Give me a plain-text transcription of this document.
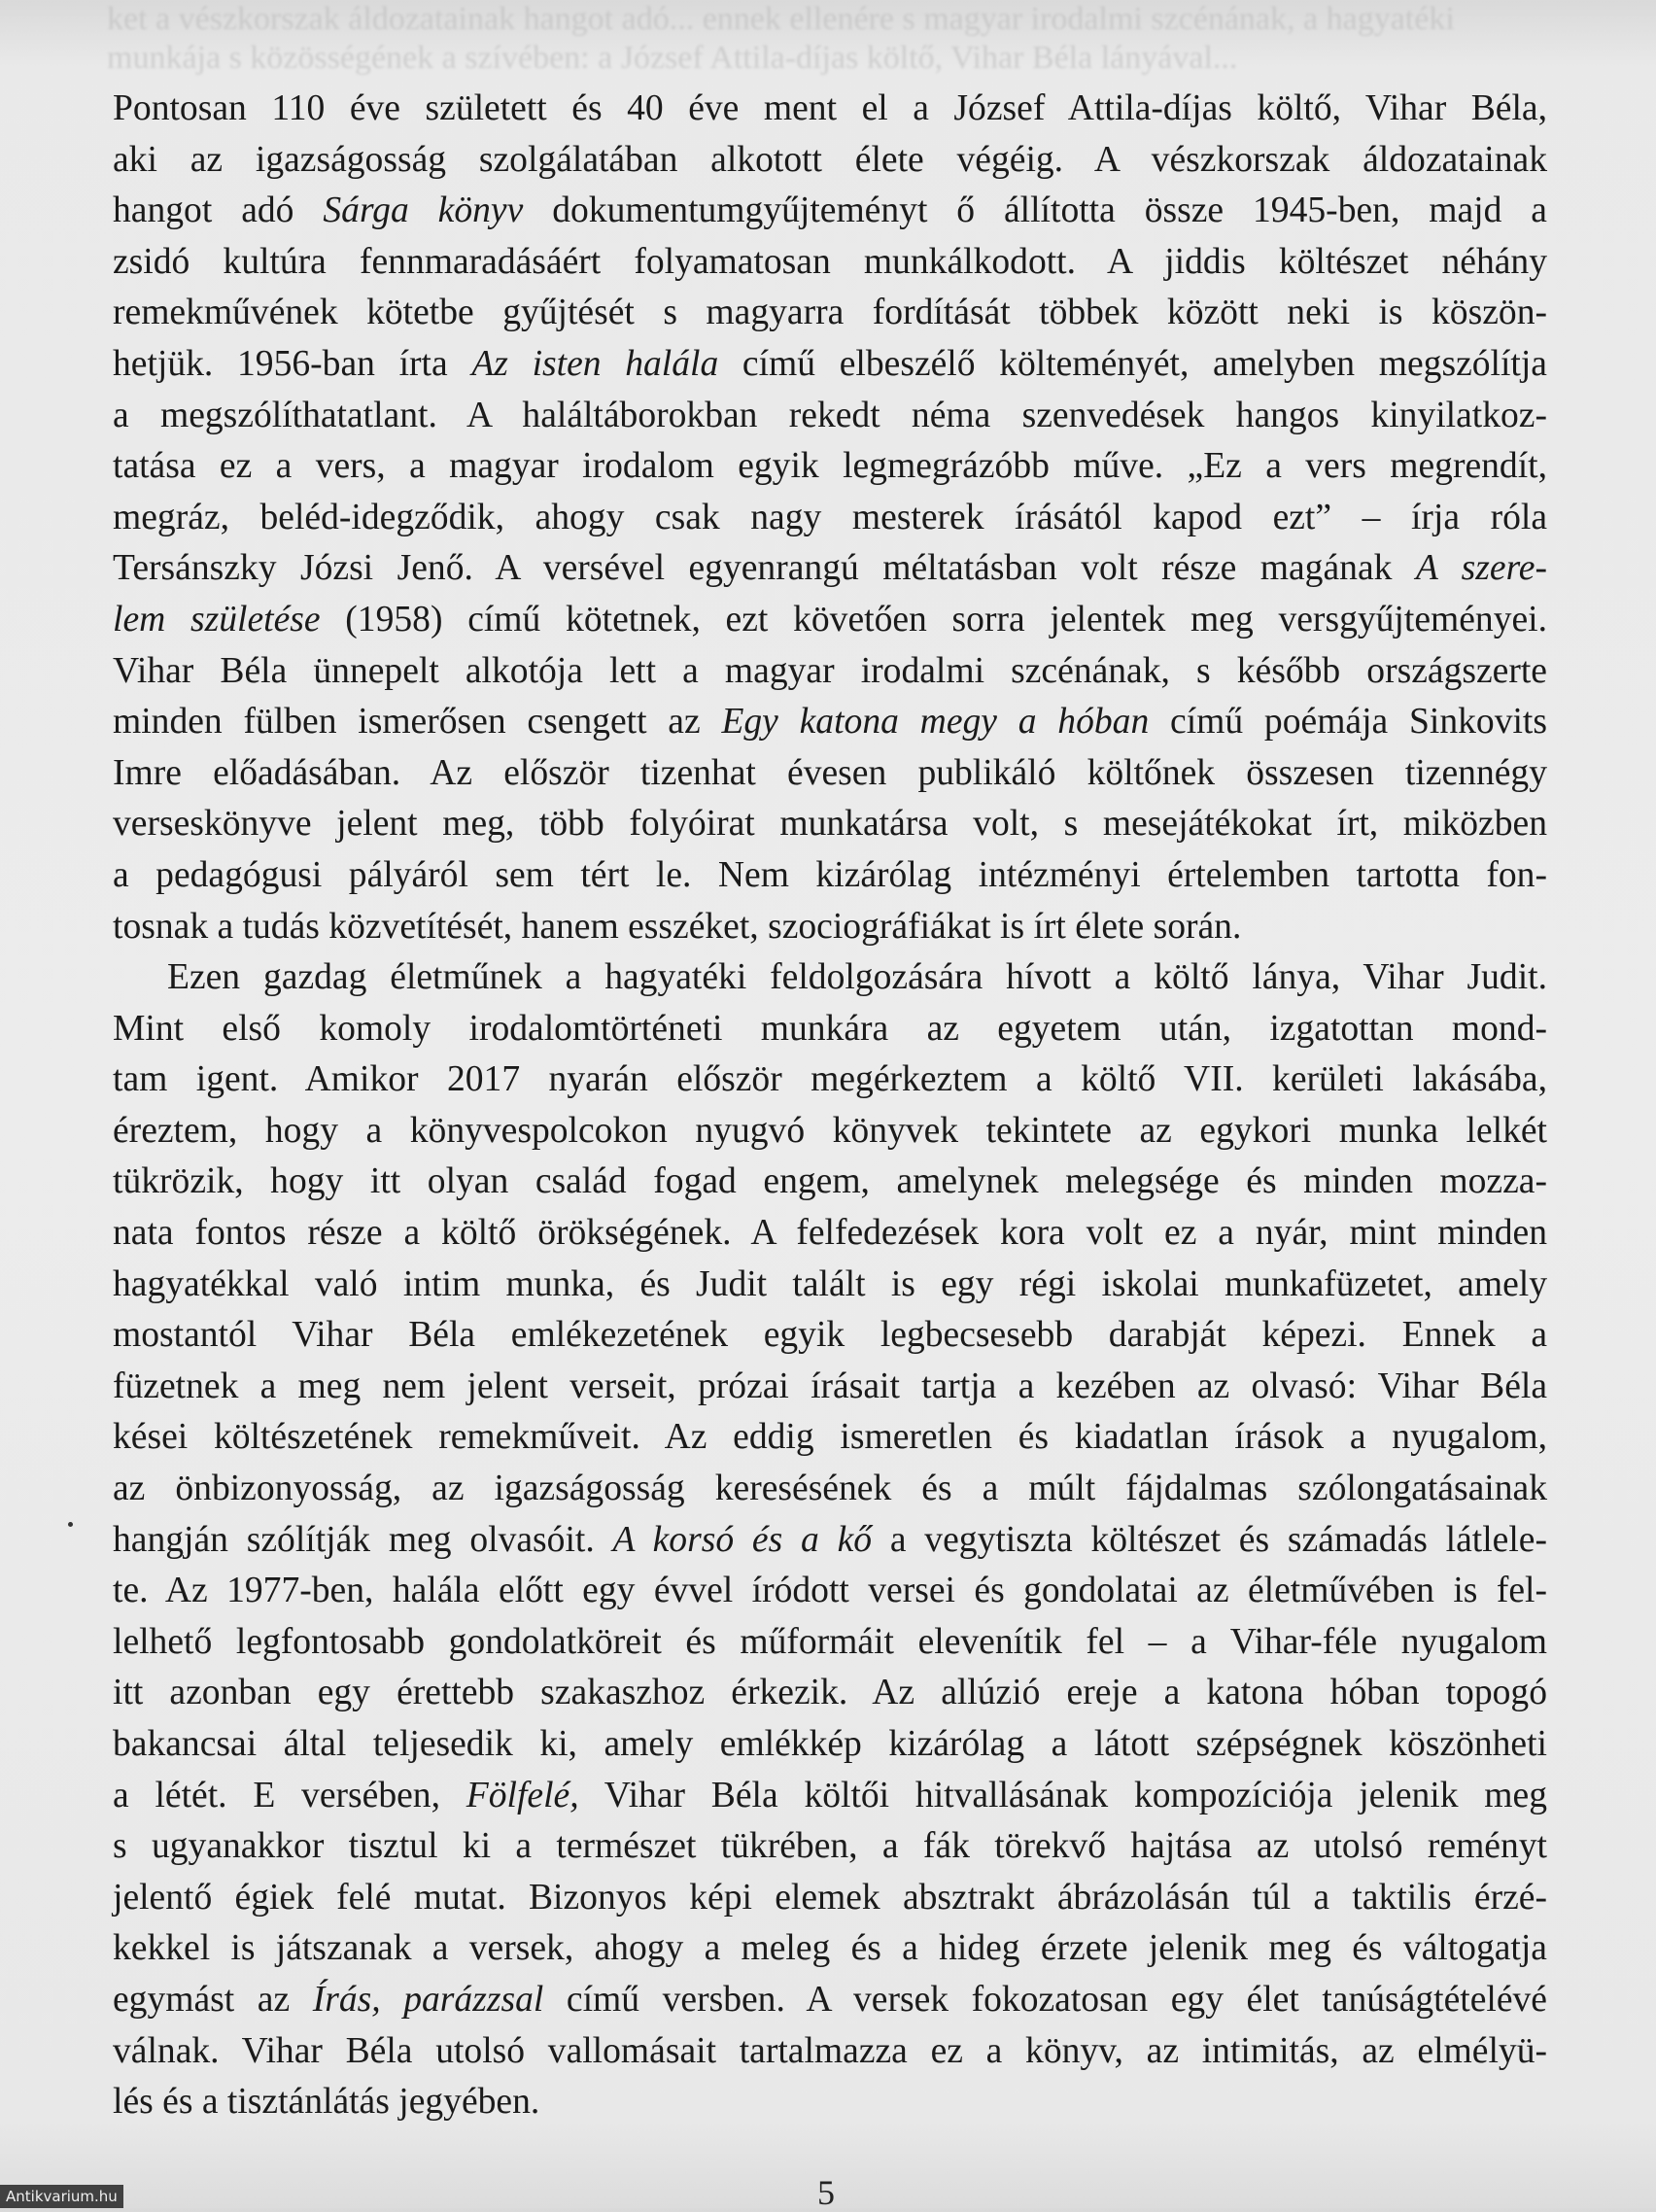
ket a vészkorszak áldozatainak hangot adó... ennek ellenére s magyar irodalmi szcénának, a hagyatéki
munkája s közösségének a szívében: a József Attila-díjas költő, Vihar Béla lányával...
Pontosan 110 éve született és 40 éve ment el a József Attila-díjas költő, Vihar Béla,
aki az igazságosság szolgálatában alkotott élete végéig. A vészkorszak áldozatainak
hangot adó Sárga könyv dokumentumgyűjteményt ő állította össze 1945-ben, majd a
zsidó kultúra fennmaradásáért folyamatosan munkálkodott. A jiddis költészet néhány
remekművének kötetbe gyűjtését s magyarra fordítását többek között neki is köszön-
hetjük. 1956-ban írta Az isten halála című elbeszélő költeményét, amelyben megszólítja
a megszólíthatatlant. A haláltáborokban rekedt néma szenvedések hangos kinyilatkoz-
tatása ez a vers, a magyar irodalom egyik legmegrázóbb műve. „Ez a vers megrendít,
megráz, beléd-idegződik, ahogy csak nagy mesterek írásától kapod ezt” – írja róla
Tersánszky Józsi Jenő. A versével egyenrangú méltatásban volt része magának A szere-
lem születése (1958) című kötetnek, ezt követően sorra jelentek meg versgyűjteményei.
Vihar Béla ünnepelt alkotója lett a magyar irodalmi szcénának, s később országszerte
minden fülben ismerősen csengett az Egy katona megy a hóban című poémája Sinkovits
Imre előadásában. Az először tizenhat évesen publikáló költőnek összesen tizennégy
verseskönyve jelent meg, több folyóirat munkatársa volt, s mesejátékokat írt, miközben
a pedagógusi pályáról sem tért le. Nem kizárólag intézményi értelemben tartotta fon-
tosnak a tudás közvetítését, hanem esszéket, szociográfiákat is írt élete során.
Ezen gazdag életműnek a hagyatéki feldolgozására hívott a költő lánya, Vihar Judit.
Mint első komoly irodalomtörténeti munkára az egyetem után, izgatottan mond-
tam igent. Amikor 2017 nyarán először megérkeztem a költő VII. kerületi lakásába,
éreztem, hogy a könyvespolcokon nyugvó könyvek tekintete az egykori munka lelkét
tükrözik, hogy itt olyan család fogad engem, amelynek melegsége és minden mozza-
nata fontos része a költő örökségének. A felfedezések kora volt ez a nyár, mint minden
hagyatékkal való intim munka, és Judit talált is egy régi iskolai munkafüzetet, amely
mostantól Vihar Béla emlékezetének egyik legbecsesebb darabját képezi. Ennek a
füzetnek a meg nem jelent verseit, prózai írásait tartja a kezében az olvasó: Vihar Béla
kései költészetének remekműveit. Az eddig ismeretlen és kiadatlan írások a nyugalom,
az önbizonyosság, az igazságosság keresésének és a múlt fájdalmas szólongatásainak
hangján szólítják meg olvasóit. A korsó és a kő a vegytiszta költészet és számadás látlele-
te. Az 1977-ben, halála előtt egy évvel íródott versei és gondolatai az életművében is fel-
lelhető legfontosabb gondolatköreit és műformáit elevenítik fel – a Vihar-féle nyugalom
itt azonban egy érettebb szakaszhoz érkezik. Az allúzió ereje a katona hóban topogó
bakancsai által teljesedik ki, amely emlékkép kizárólag a látott szépségnek köszönheti
a létét. E versében, Fölfelé, Vihar Béla költői hitvallásának kompozíciója jelenik meg
s ugyanakkor tisztul ki a természet tükrében, a fák törekvő hajtása az utolsó reményt
jelentő égiek felé mutat. Bizonyos képi elemek absztrakt ábrázolásán túl a taktilis érzé-
kekkel is játszanak a versek, ahogy a meleg és a hideg érzete jelenik meg és váltogatja
egymást az Írás, parázzsal című versben. A versek fokozatosan egy élet tanúságtételévé
válnak. Vihar Béla utolsó vallomásait tartalmazza ez a könyv, az intimitás, az elmélyü-
lés és a tisztánlátás jegyében.
5
Antikvarium.hu
